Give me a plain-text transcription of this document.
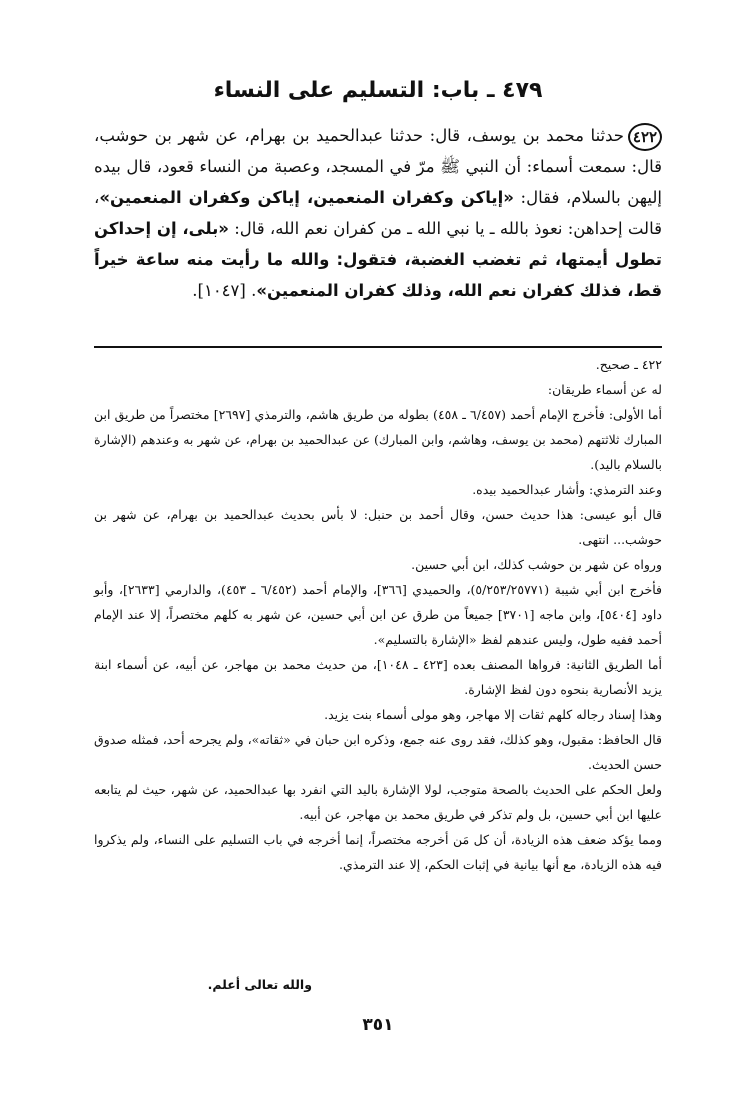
٤٧٩ ـ باب: التسليم على النساء
٤٢٢حدثنا محمد بن يوسف، قال: حدثنا عبدالحميد بن بهرام، عن شهر بن حوشب، قال: سمعت أسماء: أن النبي ﷺ مرّ في المسجد، وعصبة من النساء قعود، قال بيده إليهن بالسلام، فقال: «إياكن وكفران المنعمين، إياكن وكفران المنعمين»، قالت إحداهن: نعوذ بالله ـ يا نبي الله ـ من كفران نعم الله، قال: «بلى، إن إحداكن تطول أيمتها، ثم تغضب الغضبة، فتقول: والله ما رأيت منه ساعة خيراً قط، فذلك كفران نعم الله، وذلك كفران المنعمين». [١٠٤٧].

٤٢٢ ـ صحيح.

له عن أسماء طريقان:

أما الأولى: فأخرج الإمام أحمد (٦/٤٥٧ ـ ٤٥٨) بطوله من طريق هاشم، والترمذي [٢٦٩٧] مختصراً من طريق ابن المبارك ثلاثتهم (محمد بن يوسف، وهاشم، وابن المبارك) عن عبدالحميد بن بهرام، عن شهر به وعندهم (الإشارة بالسلام باليد).

وعند الترمذي: وأشار عبدالحميد بيده.

قال أبو عيسى: هذا حديث حسن، وقال أحمد بن حنبل: لا بأس بحديث عبدالحميد بن بهرام، عن شهر بن حوشب... انتهى.

ورواه عن شهر بن حوشب كذلك، ابن أبي حسين.

فأخرج ابن أبي شيبة (٥/٢٥٣/٢٥٧٧١)، والحميدي [٣٦٦]، والإمام أحمد (٦/٤٥٢ ـ ٤٥٣)، والدارمي [٢٦٣٣]، وأبو داود [٥٤٠٤]، وابن ماجه [٣٧٠١] جميعاً من طرق عن ابن أبي حسين، عن شهر به كلهم مختصراً، إلا عند الإمام أحمد ففيه طول، وليس عندهم لفظ «الإشارة بالتسليم».

أما الطريق الثانية: فرواها المصنف بعده [٤٢٣ ـ ١٠٤٨]، من حديث محمد بن مهاجر، عن أبيه، عن أسماء ابنة يزيد الأنصارية بنحوه دون لفظ الإشارة.

وهذا إسناد رجاله كلهم ثقات إلا مهاجر، وهو مولى أسماء بنت يزيد.

قال الحافظ: مقبول، وهو كذلك، فقد روى عنه جمع، وذكره ابن حبان في «ثقاته»، ولم يجرحه أحد، فمثله صدوق حسن الحديث.

ولعل الحكم على الحديث بالصحة متوجب، لولا الإشارة باليد التي انفرد بها عبدالحميد، عن شهر، حيث لم يتابعه عليها ابن أبي حسين، بل ولم تذكر في طريق محمد بن مهاجر، عن أبيه.

ومما يؤكد ضعف هذه الزيادة، أن كل مَن أخرجه مختصراً، إنما أخرجه في باب التسليم على النساء، ولم يذكروا فيه هذه الزيادة، مع أنها بيانية في إثبات الحكم، إلا عند الترمذي.

والله تعالى أعلم.
٣٥١
